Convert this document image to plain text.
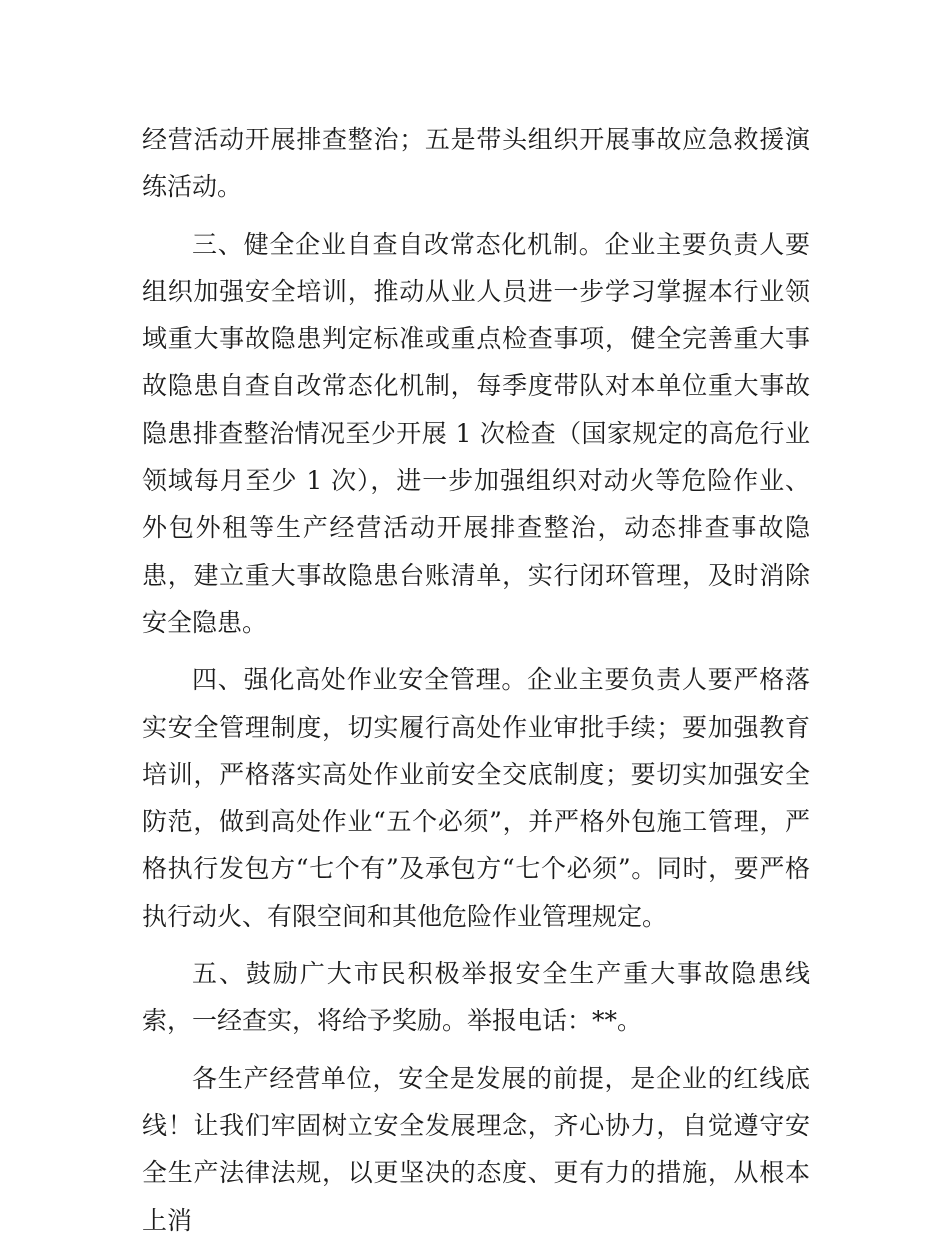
经营活动开展排查整治；五是带头组织开展事故应急救援演练活动。

三、健全企业自查自改常态化机制。企业主要负责人要组织加强安全培训，推动从业人员进一步学习掌握本行业领域重大事故隐患判定标准或重点检查事项，健全完善重大事故隐患自查自改常态化机制，每季度带队对本单位重大事故隐患排查整治情况至少开展 1 次检查（国家规定的高危行业领域每月至少 1 次），进一步加强组织对动火等危险作业、外包外租等生产经营活动开展排查整治，动态排查事故隐患，建立重大事故隐患台账清单，实行闭环管理，及时消除安全隐患。

四、强化高处作业安全管理。企业主要负责人要严格落实安全管理制度，切实履行高处作业审批手续；要加强教育培训，严格落实高处作业前安全交底制度；要切实加强安全防范，做到高处作业“五个必须”，并严格外包施工管理，严格执行发包方“七个有”及承包方“七个必须”。同时，要严格执行动火、有限空间和其他危险作业管理规定。

五、鼓励广大市民积极举报安全生产重大事故隐患线索，一经查实，将给予奖励。举报电话：**。

各生产经营单位，安全是发展的前提，是企业的红线底线！让我们牢固树立安全发展理念，齐心协力，自觉遵守安全生产法律法规，以更坚决的态度、更有力的措施，从根本上消
